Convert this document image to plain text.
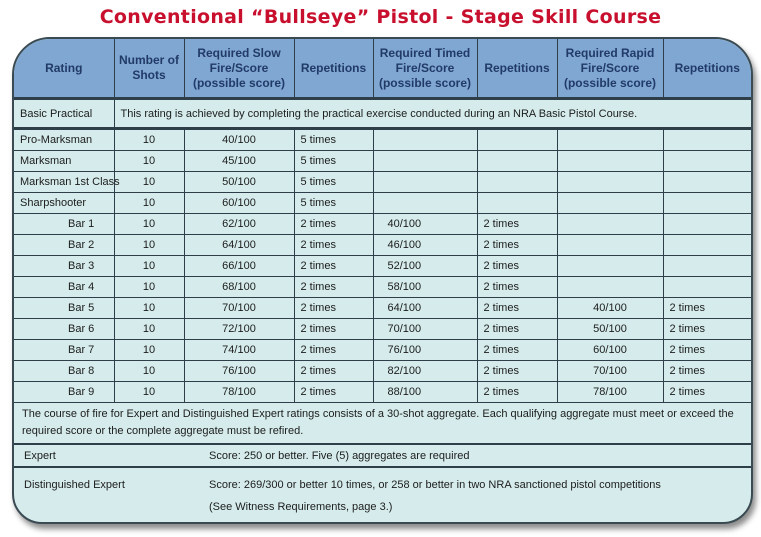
Conventional “Bullseye” Pistol - Stage Skill Course
Rating	Number of Shots	Required Slow Fire/Score (possible score)	Repetitions	Required Timed Fire/Score (possible score)	Repetitions	Required Rapid Fire/Score (possible score)	Repetitions
Basic Practical	This rating is achieved by completing the practical exercise conducted during an NRA Basic Pistol Course.						
Pro-Marksman	10	40/100	5 times				
Marksman	10	45/100	5 times				
Marksman 1st Class	10	50/100	5 times				
Sharpshooter	10	60/100	5 times				
Bar 1	10	62/100	2 times	40/100	2 times		
Bar 2	10	64/100	2 times	46/100	2 times		
Bar 3	10	66/100	2 times	52/100	2 times		
Bar 4	10	68/100	2 times	58/100	2 times		
Bar 5	10	70/100	2 times	64/100	2 times	40/100	2 times
Bar 6	10	72/100	2 times	70/100	2 times	50/100	2 times
Bar 7	10	74/100	2 times	76/100	2 times	60/100	2 times
Bar 8	10	76/100	2 times	82/100	2 times	70/100	2 times
Bar 9	10	78/100	2 times	88/100	2 times	78/100	2 times
The course of fire for Expert and Distinguished Expert ratings consists of a 30-shot aggregate. Each qualifying aggregate must meet or exceed the required score or the complete aggregate must be refired.							
Expert	Score: 250 or better. Five (5) aggregates are required
Distinguished Expert	Score: 269/300 or better 10 times, or 258 or better in two NRA sanctioned pistol competitions
(See Witness Requirements, page 3.)
